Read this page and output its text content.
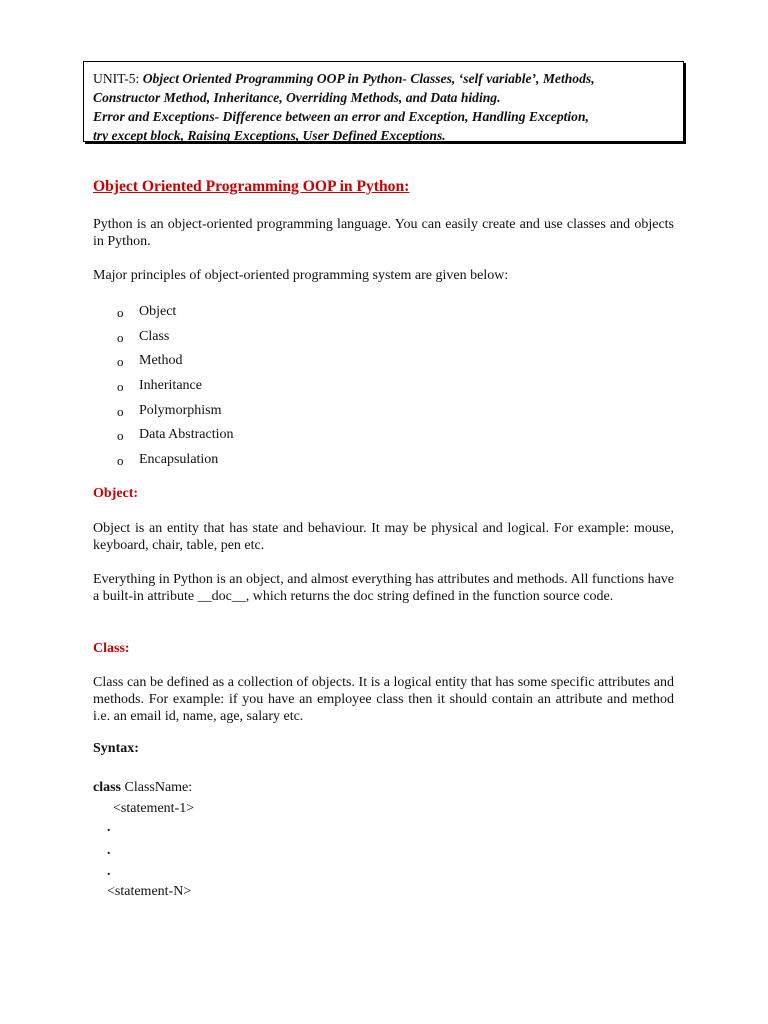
UNIT-5: Object Oriented Programming OOP in Python- Classes, ‘self variable’, Methods,
Constructor Method, Inheritance, Overriding Methods, and Data hiding.
Error and Exceptions- Difference between an error and Exception, Handling Exception,
try except block, Raising Exceptions, User Defined Exceptions.
Object Oriented Programming OOP in Python:
Python is an object-oriented programming language. You can easily create and use classes and objects in Python.
Major principles of object-oriented programming system are given below:
o Object
o Class
o Method
o Inheritance
o Polymorphism
o Data Abstraction
o Encapsulation
Object:
Object is an entity that has state and behaviour. It may be physical and logical. For example: mouse, keyboard, chair, table, pen etc.
Everything in Python is an object, and almost everything has attributes and methods. All functions have a built-in attribute __doc__, which returns the doc string defined in the function source code.
Class:
Class can be defined as a collection of objects. It is a logical entity that has some specific attributes and methods. For example: if you have an employee class then it should contain an attribute and method i.e. an email id, name, age, salary etc.
Syntax:
class ClassName:
<statement-1>
.
.
.
<statement-N>
